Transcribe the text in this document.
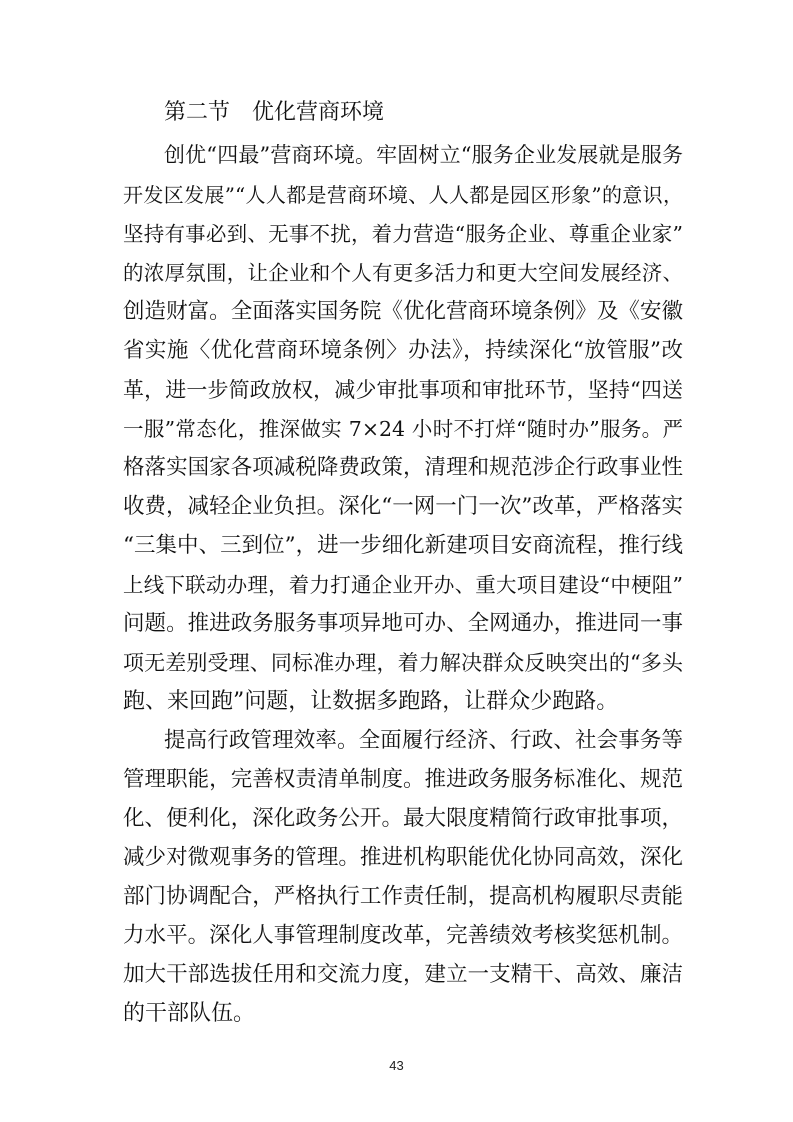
第二节　优化营商环境
创优“四最”营商环境。牢固树立“服务企业发展就是服务
开发区发展”“人人都是营商环境、人人都是园区形象”的意识，
坚持有事必到、无事不扰，着力营造“服务企业、尊重企业家”
的浓厚氛围，让企业和个人有更多活力和更大空间发展经济、
创造财富。全面落实国务院《优化营商环境条例》及《安徽
省实施〈优化营商环境条例〉办法》，持续深化“放管服”改
革，进一步简政放权，减少审批事项和审批环节，坚持“四送
一服”常态化，推深做实 7×24 小时不打烊“随时办”服务。严
格落实国家各项减税降费政策，清理和规范涉企行政事业性
收费，减轻企业负担。深化“一网一门一次”改革，严格落实
“三集中、三到位”，进一步细化新建项目安商流程，推行线
上线下联动办理，着力打通企业开办、重大项目建设“中梗阻”
问题。推进政务服务事项异地可办、全网通办，推进同一事
项无差别受理、同标准办理，着力解决群众反映突出的“多头
跑、来回跑”问题，让数据多跑路，让群众少跑路。
提高行政管理效率。全面履行经济、行政、社会事务等
管理职能，完善权责清单制度。推进政务服务标准化、规范
化、便利化，深化政务公开。最大限度精简行政审批事项，
减少对微观事务的管理。推进机构职能优化协同高效，深化
部门协调配合，严格执行工作责任制，提高机构履职尽责能
力水平。深化人事管理制度改革，完善绩效考核奖惩机制。
加大干部选拔任用和交流力度，建立一支精干、高效、廉洁
的干部队伍。
43
